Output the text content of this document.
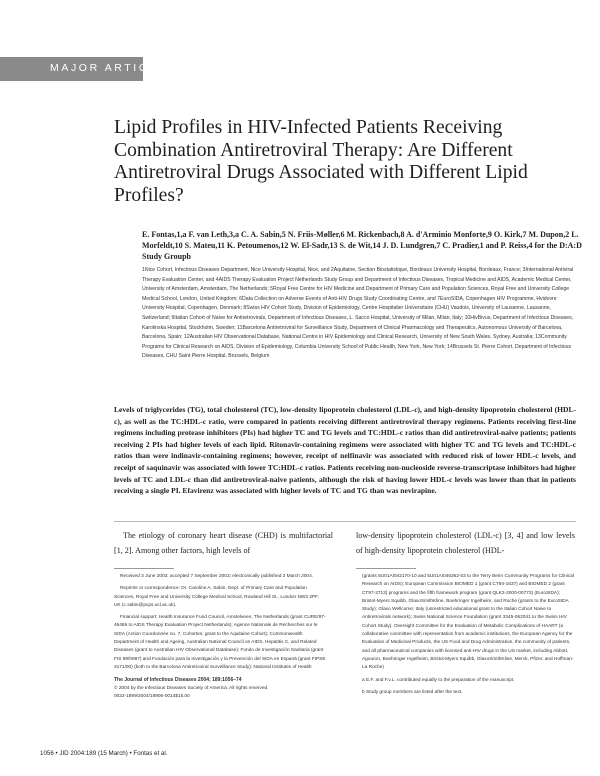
MAJOR ARTICLE
Lipid Profiles in HIV-Infected Patients Receiving Combination Antiretroviral Therapy: Are Different Antiretroviral Drugs Associated with Different Lipid Profiles?
E. Fontas,1,a F. van Leth,3,a C. A. Sabin,5 N. Friis-Møller,6 M. Rickenbach,8 A. d'Arminio Monforte,9 O. Kirk,7 M. Dupon,2 L. Morfeldt,10 S. Mateu,11 K. Petoumenos,12 W. El-Sadr,13 S. de Wit,14 J. D. Lundgren,7 C. Pradier,1 and P. Reiss,4 for the D:A:D Study Groupb
1Nice Cohort, Infectious Diseases Department, Nice University Hospital, Nice, and 2Aquitaine, Section Biostatistique, Bordeaux University Hospital, Bordeaux, France; 3International Antiviral Therapy Evaluation Center, and 4AIDS Therapy Evaluation Project Netherlands Study Group and Department of Infectious Diseases, Tropical Medicine and AIDS, Academic Medical Center, University of Amsterdam, Amsterdam, The Netherlands; 5Royal Free Centre for HIV Medicine and Department of Primary Care and Population Sciences, Royal Free and University College Medical School, London, United Kingdom; 6Data Collection on Adverse Events of Anti-HIV Drugs Study Coordinating Centre, and 7EuroSIDA, Copenhagen HIV Programme, Hvidovre University Hospital, Copenhagen, Denmark; 8Swiss HIV Cohort Study, Division of Epidemiology, Centre Hospitalier Universitaire (CHU) Vaudois, University of Lausanne, Lausanne, Switzerland; 9Italian Cohort of Naive for Antiretrovirals, Department of Infectious Diseases, L. Sacco Hospital, University of Milan, Milan, Italy; 10HivBivus, Department of Infectious Diseases, Karolinska Hospital, Stockholm, Sweden; 11Barcelona Antiretroviral for Surveillance Study, Department of Clinical Pharmacology and Therapeutics, Autonomous University of Barcelona, Barcelona, Spain; 12Australian HIV Observational Database, National Centre in HIV Epidemiology and Clinical Research, University of New South Wales, Sydney, Australia; 13Community Programs for Clinical Research on AIDS, Division of Epidemiology, Columbia University School of Public Health, New York, New York; 14Brussels St. Pierre Cohort, Department of Infectious Diseases, CHU Saint Pierre Hospital, Brussels, Belgium
Levels of triglycerides (TG), total cholesterol (TC), low-density lipoprotein cholesterol (LDL-c), and high-density lipoprotein cholesterol (HDL-c), as well as the TC:HDL-c ratio, were compared in patients receiving different antiretroviral therapy regimens. Patients receiving first-line regimens including protease inhibitors (PIs) had higher TC and TG levels and TC:HDL-c ratios than did antiretroviral-naive patients; patients receiving 2 PIs had higher levels of each lipid. Ritonavir-containing regimens were associated with higher TC and TG levels and TC:HDL-c ratios than were indinavir-containing regimens; however, receipt of nelfinavir was associated with reduced risk of lower HDL-c levels, and receipt of saquinavir was associated with lower TC:HDL-c ratios. Patients receiving non-nucleoside reverse-transcriptase inhibitors had higher levels of TC and LDL-c than did antiretroviral-naive patients, although the risk of having lower HDL-c levels was lower than that in patients receiving a single PI. Efavirenz was associated with higher levels of TC and TG than was nevirapine.
The etiology of coronary heart disease (CHD) is multifactorial [1, 2]. Among other factors, high levels of
low-density lipoprotein cholesterol (LDL-c) [3, 4] and low levels of high-density lipoprotein cholesterol (HDL-

Received 3 June 2003; accepted 7 September 2003; electronically published 2 March 2004.

Reprints or correspondence: Dr. Caroline A. Sabin, Dept. of Primary Care and Population Sciences, Royal Free and University College Medical School, Rowland Hill St., London NW3 2PF, UK (c.sabin@pcps.ucl.ac.uk).

Financial support: Health Insurance Fund Council, Amstelveen, The Netherlands (grant CURE/97-46486 to AIDS Therapy Evaluation Project Netherlands); Agence Nationale de Recherches sur le SIDA (Action Coordonnée no. 7, Cohortes; grant to the Aquitaine Cohort); Commonwealth Department of Health and Ageing, Australian National Council on AIDS, Hepatitis C, and Related Diseases (grant to Australian HIV Observational Database); Fondo de Investigación Sanitaria (grant FIS 99/0887) and Fundación para la Investigación y la Prevención del SIDA en Espanā (grant FIPSE 3171/00) (both to the Barcelona Antiretroviral Surveillance Study); National Institutes of Health

The Journal of Infectious Diseases 2004; 189:1056–74

© 2004 by the Infectious Diseases Society of America. All rights reserved.

0022-1899/2004/18906-0014$15.00

(grants 5U01AI042170-10 and 5U01AI046362-03 to the Terry Beirn Community Programs for Clinical Research on AIDS); European Commission BIOMED 1 (grant CT94-1637) and BIOMED 2 (grant CT97-2713) programs and the fifth framework program (grant QLK2-2000-00773) (EuroSIDA); Bristol-Myers Squibb, GlaxoSmithKline, Boehringer Ingelheim, and Roche (grants to the EuroSIDA Study); Glaxo Wellcome; Italy (unrestricted educational grant to the Italian Cohort Naive to Antiretrovirals network); Swiss National Science Foundation (grant 3345-062041 to the Swiss HIV Cohort Study). Oversight Committee for the Evaluation of Metabolic Complications of HAART (a collaborative committee with representation from academic institutions, the European Agency for the Evaluation of Medicinal Products, the US Food and Drug Administration, the community of patients, and all pharmaceutical companies with licensed anti-HIV drugs in the US market, including Abbott, Agouron, Boehringer Ingelheim, Bristol-Myers Squibb, GlaxoSmithKline, Merck, Pfizer, and Hoffman-La Roche)

a E.F. and F.v.L. contributed equally to the preparation of the manuscript.

b Study group members are listed after the text.

1056 • JID 2004:189 (15 March) • Fontas et al.
